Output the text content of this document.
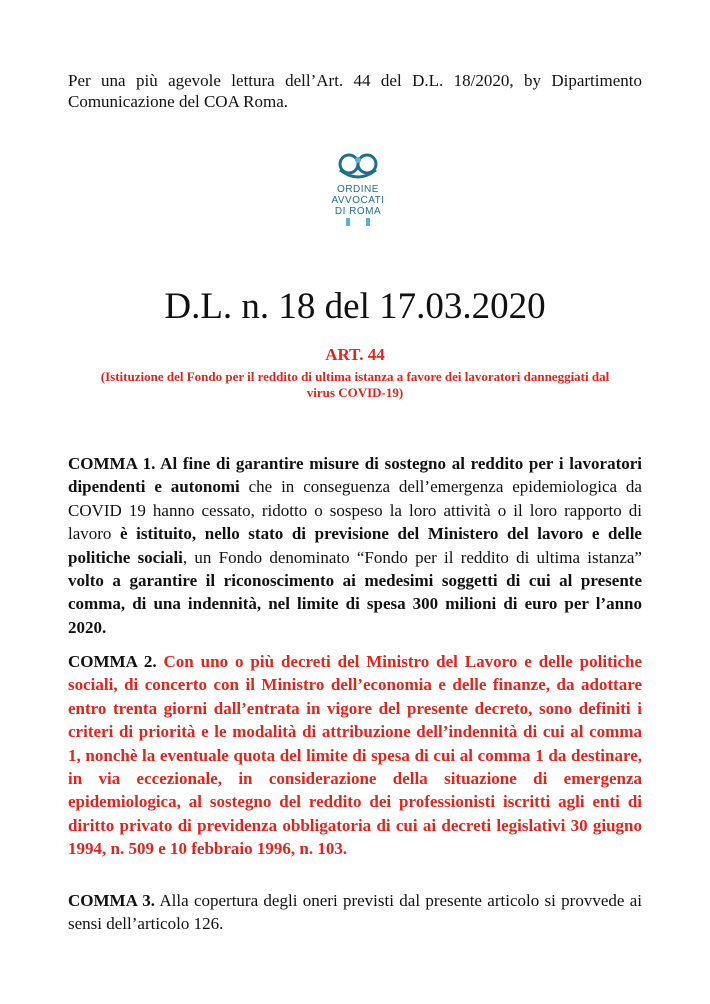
Per una più agevole lettura dell’Art. 44 del D.L. 18/2020, by Dipartimento Comunicazione del COA Roma.
ORDINE
AVVOCATI
DI ROMA
D.L. n. 18 del 17.03.2020
ART. 44
(Istituzione del Fondo per il reddito di ultima istanza a favore dei lavoratori danneggiati dal virus COVID-19)
COMMA 1. Al fine di garantire misure di sostegno al reddito per i lavoratori dipendenti e autonomi che in conseguenza dell’emergenza epidemiologica da COVID 19 hanno cessato, ridotto o sospeso la loro attività o il loro rapporto di lavoro è istituito, nello stato di previsione del Ministero del lavoro e delle politiche sociali, un Fondo denominato “Fondo per il reddito di ultima istanza” volto a garantire il riconoscimento ai medesimi soggetti di cui al presente comma, di una indennità, nel limite di spesa 300 milioni di euro per l’anno 2020.
COMMA 2. Con uno o più decreti del Ministro del Lavoro e delle politiche sociali, di concerto con il Ministro dell’economia e delle finanze, da adottare entro trenta giorni dall’entrata in vigore del presente decreto, sono definiti i criteri di priorità e le modalità di attribuzione dell’indennità di cui al comma 1, nonchè la eventuale quota del limite di spesa di cui al comma 1 da destinare, in via eccezionale, in considerazione della situazione di emergenza epidemiologica, al sostegno del reddito dei professionisti iscritti agli enti di diritto privato di previdenza obbligatoria di cui ai decreti legislativi 30 giugno 1994, n. 509 e 10 febbraio 1996, n. 103.
COMMA 3. Alla copertura degli oneri previsti dal presente articolo si provvede ai sensi dell’articolo 126.
